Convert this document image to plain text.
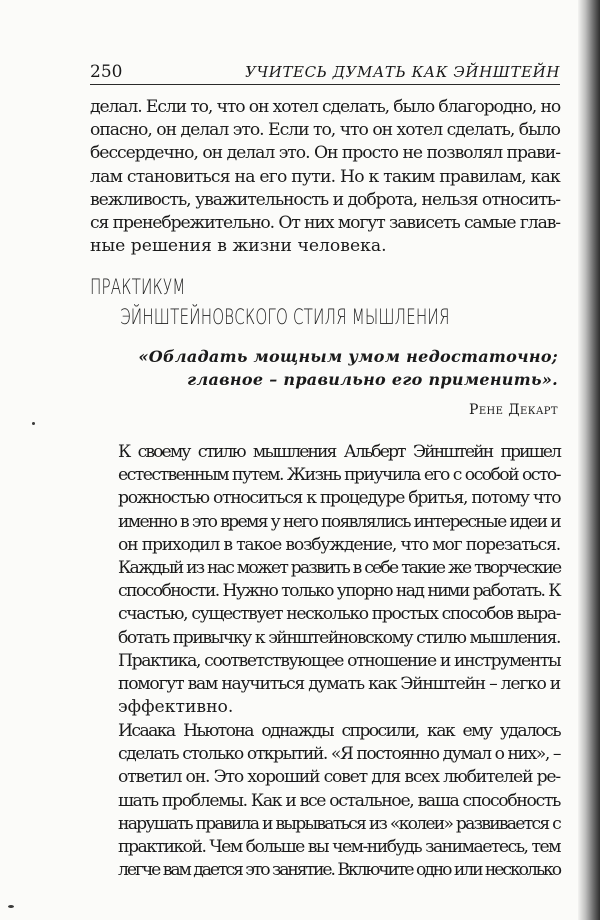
250	УЧИТЕСЬ ДУМАТЬ КАК ЭЙНШТЕЙН
делал. Если то, что он хотел сделать, было благородно, но
опасно, он делал это. Если то, что он хотел сделать, было
бессердечно, он делал это. Он просто не позволял прави-
лам становиться на его пути. Но к таким правилам, как
вежливость, уважительность и доброта, нельзя относить-
ся пренебрежительно. От них могут зависеть самые глав-
ные решения в жизни человека.
ПРАКТИКУМ
ЭЙНШТЕЙНОВСКОГО СТИЛЯ МЫШЛЕНИЯ
«Обладать мощным умом недостаточно;
главное – правильно его применить».
Рене Декарт
К своему стилю мышления Альберт Эйнштейн пришел
естественным путем. Жизнь приучила его с особой осто-
рожностью относиться к процедуре бритья, потому что
именно в это время у него появлялись интересные идеи и
он приходил в такое возбуждение, что мог порезаться.
Каждый из нас может развить в себе такие же творческие
способности. Нужно только упорно над ними работать. К
счастью, существует несколько простых способов выра-
ботать привычку к эйнштейновскому стилю мышления.
Практика, соответствующее отношение и инструменты
помогут вам научиться думать как Эйнштейн – легко и
эффективно.
Исаака Ньютона однажды спросили, как ему удалось
сделать столько открытий. «Я постоянно думал о них», –
ответил он. Это хороший совет для всех любителей ре-
шать проблемы. Как и все остальное, ваша способность
нарушать правила и вырываться из «колеи» развивается с
практикой. Чем больше вы чем-нибудь занимаетесь, тем
легче вам дается это занятие. Включите одно или несколько
